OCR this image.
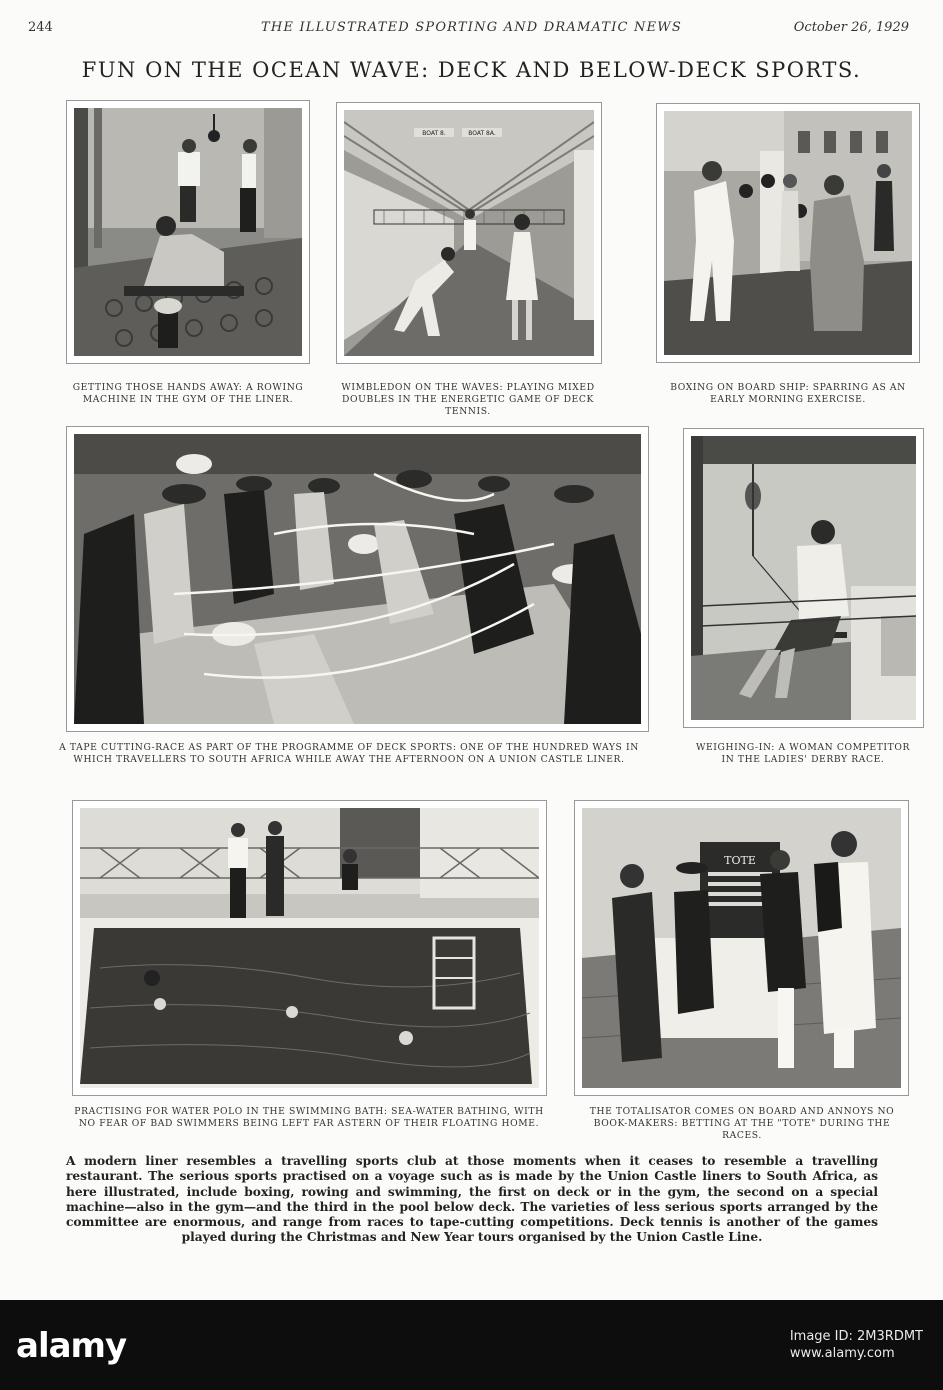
244	THE ILLUSTRATED SPORTING AND DRAMATIC NEWS	October 26, 1929
FUN ON THE OCEAN WAVE: DECK AND BELOW-DECK SPORTS.
BOAT 8.	BOAT 8A.
TOTE
GETTING THOSE HANDS AWAY: A ROWING MACHINE IN THE GYM OF THE LINER.
WIMBLEDON ON THE WAVES: PLAYING MIXED DOUBLES IN THE ENERGETIC GAME OF DECK TENNIS.
BOXING ON BOARD SHIP: SPARRING AS AN EARLY MORNING EXERCISE.
A TAPE CUTTING-RACE AS PART OF THE PROGRAMME OF DECK SPORTS: ONE OF THE HUNDRED WAYS IN WHICH TRAVELLERS TO SOUTH AFRICA WHILE AWAY THE AFTERNOON ON A UNION CASTLE LINER.
WEIGHING-IN: A WOMAN COMPETITOR IN THE LADIES' DERBY RACE.
PRACTISING FOR WATER POLO IN THE SWIMMING BATH: SEA-WATER BATHING, WITH NO FEAR OF BAD SWIMMERS BEING LEFT FAR ASTERN OF THEIR FLOATING HOME.
THE TOTALISATOR COMES ON BOARD AND ANNOYS NO BOOK-MAKERS: BETTING AT THE "TOTE" DURING THE RACES.

A modern liner resembles a travelling sports club at those moments when it ceases to resemble a travelling restaurant. The serious sports practised on a voyage such as is made by the Union Castle liners to South Africa, as here illustrated, include boxing, rowing and swimming, the first on deck or in the gym, the second on a special machine—also in the gym—and the third in the pool below deck. The varieties of less serious sports arranged by the committee are enormous, and range from races to tape-cutting competitions. Deck tennis is another of the games played during the Christmas and New Year tours organised by the Union Castle Line.

alamy	Image ID: 2M3RDMT
www.alamy.com
